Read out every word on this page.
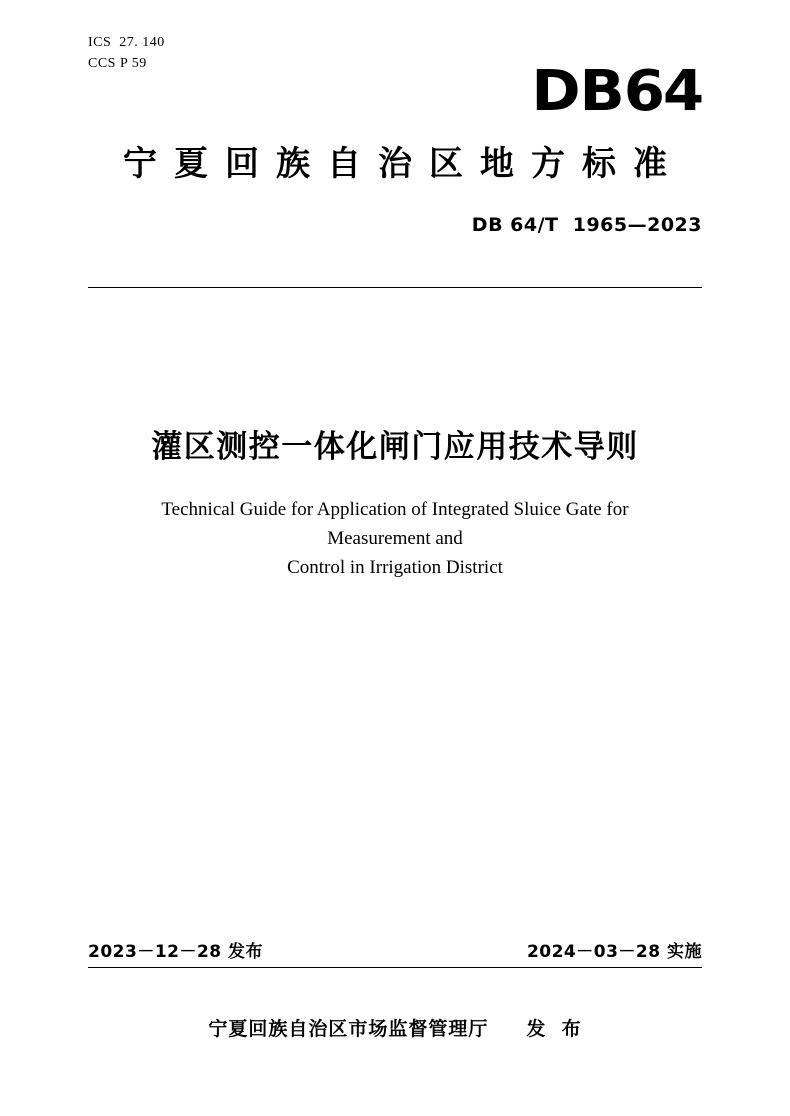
ICS  27. 140
CCS P 59	DB64
宁夏回族自治区地方标准
DB 64/T  1965—2023
灌区测控一体化闸门应用技术导则
Technical Guide for Application of Integrated Sluice Gate for Measurement and
Control in Irrigation District
2023－12－28 发布	2024－03－28 实施
宁夏回族自治区市场监督管理厅     发  布
